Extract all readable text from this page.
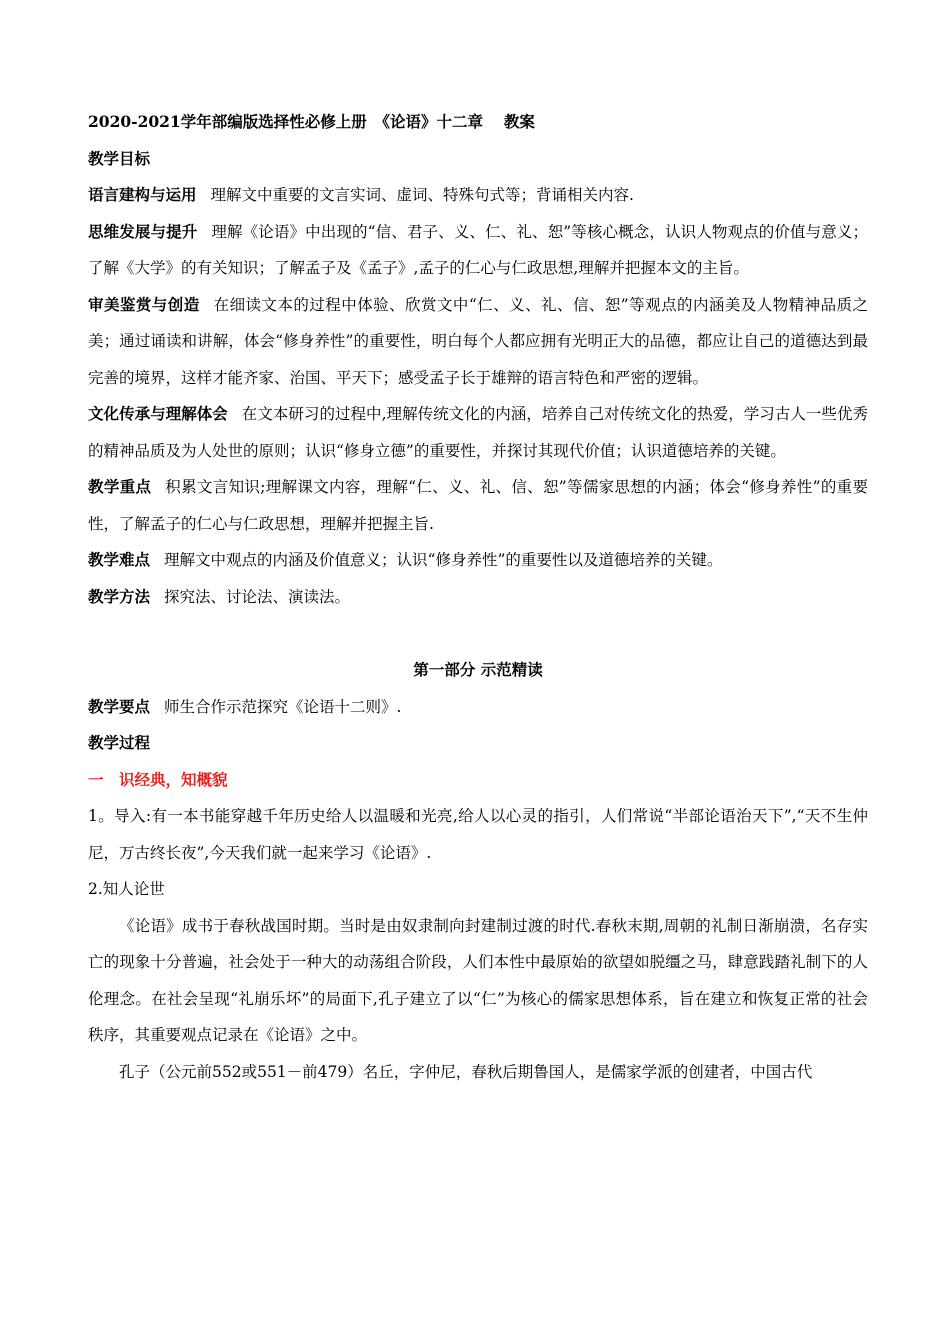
2020-2021学年部编版选择性必修上册　《论语》十二章　 教案

教学目标

语言建构与运用 理解文中重要的文言实词、虚词、特殊句式等；背诵相关内容.

思维发展与提升 理解《论语》中出现的“信、君子、义、仁、礼、恕”等核心概念，认识人物观点的价值与意义；了解《大学》的有关知识；了解孟子及《孟子》,孟子的仁心与仁政思想,理解并把握本文的主旨。

审美鉴赏与创造 在细读文本的过程中体验、欣赏文中“仁、义、礼、信、恕”等观点的内涵美及人物精神品质之美；通过诵读和讲解，体会“修身养性”的重要性，明白每个人都应拥有光明正大的品德，都应让自己的道德达到最完善的境界，这样才能齐家、治国、平天下；感受孟子长于雄辩的语言特色和严密的逻辑。

文化传承与理解体会 在文本研习的过程中,理解传统文化的内涵，培养自己对传统文化的热爱，学习古人一些优秀的精神品质及为人处世的原则；认识“修身立德”的重要性，并探讨其现代价值；认识道德培养的关键。

教学重点 积累文言知识;理解课文内容，理解“仁、义、礼、信、恕”等儒家思想的内涵；体会“修身养性”的重要性，了解孟子的仁心与仁政思想，理解并把握主旨.

教学难点 理解文中观点的内涵及价值意义；认识“修身养性”的重要性以及道德培养的关键。

教学方法 探究法、讨论法、演读法。

第一部分 示范精读

教学要点 师生合作示范探究《论语十二则》.

教学过程

一　识经典，知概貌

1。导入:有一本书能穿越千年历史给人以温暖和光亮,给人以心灵的指引，人们常说“半部论语治天下”,“天不生仲尼，万古终长夜”,今天我们就一起来学习《论语》.

2.知人论世

《论语》成书于春秋战国时期。当时是由奴隶制向封建制过渡的时代.春秋末期,周朝的礼制日渐崩溃，名存实亡的现象十分普遍，社会处于一种大的动荡组合阶段，人们本性中最原始的欲望如脱缰之马，肆意践踏礼制下的人伦理念。在社会呈现“礼崩乐坏”的局面下,孔子建立了以“仁”为核心的儒家思想体系，旨在建立和恢复正常的社会秩序，其重要观点记录在《论语》之中。

孔子（公元前552或551－前479）名丘，字仲尼，春秋后期鲁国人，是儒家学派的创建者，中国古代
